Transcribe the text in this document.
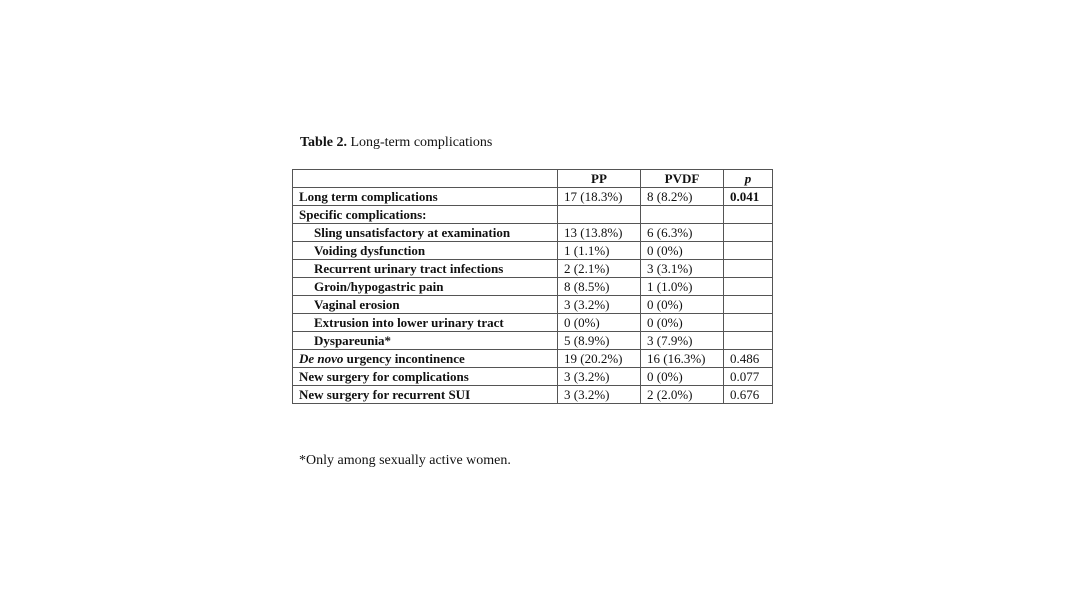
Table 2. Long-term complications
	PP	PVDF	p
Long term complications	17 (18.3%)	8 (8.2%)	0.041
Specific complications:			
Sling unsatisfactory at examination	13 (13.8%)	6 (6.3%)	
Voiding dysfunction	1 (1.1%)	0 (0%)	
Recurrent urinary tract infections	2 (2.1%)	3 (3.1%)	
Groin/hypogastric pain	8 (8.5%)	1 (1.0%)	
Vaginal erosion	3 (3.2%)	0 (0%)	
Extrusion into lower urinary tract	0 (0%)	0 (0%)	
Dyspareunia*	5 (8.9%)	3 (7.9%)	
De novo urgency incontinence	19 (20.2%)	16 (16.3%)	0.486
New surgery for complications	3 (3.2%)	0 (0%)	0.077
New surgery for recurrent SUI	3 (3.2%)	2 (2.0%)	0.676
*Only among sexually active women.
